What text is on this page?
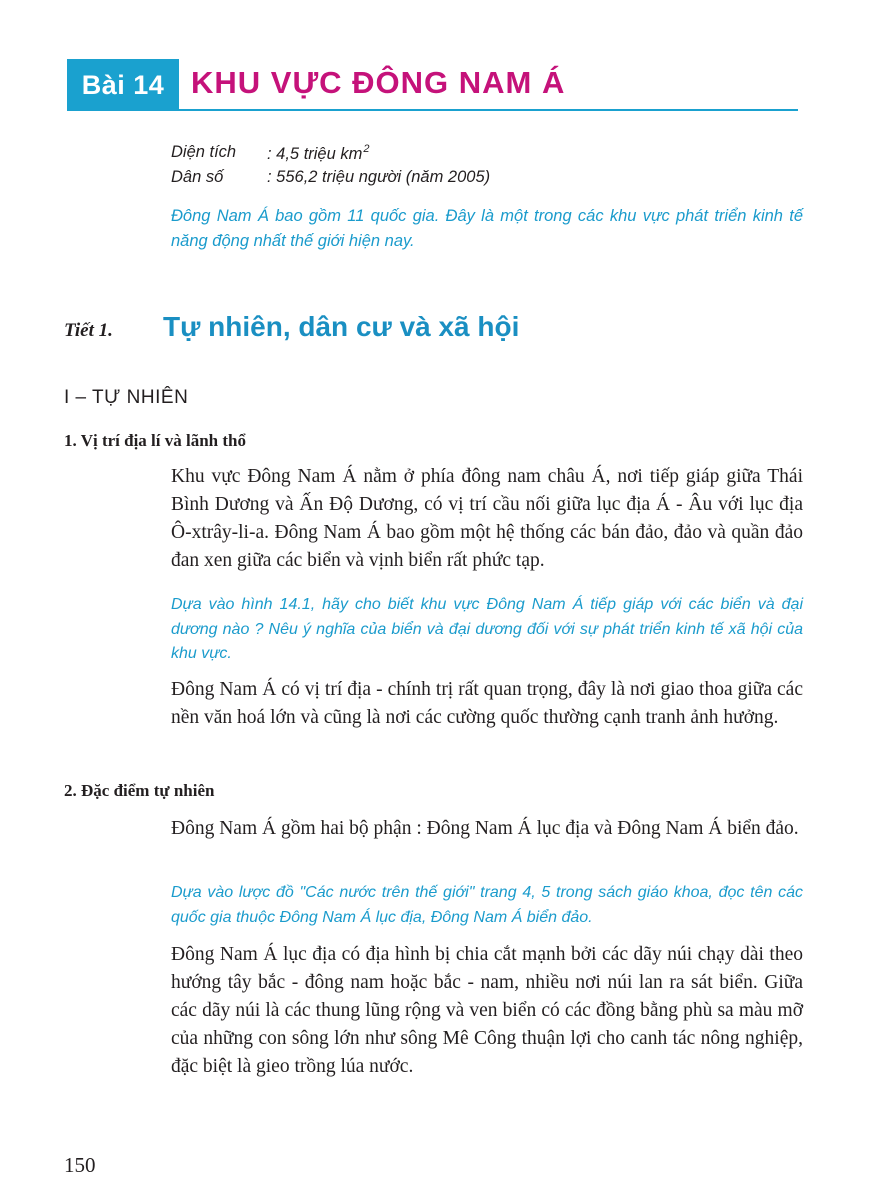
Bài 14 KHU VỰC ĐÔNG NAM Á
Diện tích : 4,5 triệu $km^2$
Dân số	: 556,2 triệu người (năm 2005)

Đông Nam Á bao gồm 11 quốc gia. Đây là một trong các khu vực phát triển kinh tế năng động nhất thế giới hiện nay.

Tiết 1. Tự nhiên, dân cư và xã hội
I – TỰ NHIÊN
1. Vị trí địa lí và lãnh thổ

Khu vực Đông Nam Á nằm ở phía đông nam châu Á, nơi tiếp giáp giữa Thái Bình Dương và Ấn Độ Dương, có vị trí cầu nối giữa lục địa Á - Âu với lục địa Ô-xtrây-li-a. Đông Nam Á bao gồm một hệ thống các bán đảo, đảo và quần đảo đan xen giữa các biển và vịnh biển rất phức tạp.

Dựa vào hình 14.1, hãy cho biết khu vực Đông Nam Á tiếp giáp với các biển và đại dương nào ? Nêu ý nghĩa của biển và đại dương đối với sự phát triển kinh tế xã hội của khu vực.

Đông Nam Á có vị trí địa - chính trị rất quan trọng, đây là nơi giao thoa giữa các nền văn hoá lớn và cũng là nơi các cường quốc thường cạnh tranh ảnh hưởng.

2. Đặc điểm tự nhiên

Đông Nam Á gồm hai bộ phận : Đông Nam Á lục địa và Đông Nam Á biển đảo.

Dựa vào lược đồ "Các nước trên thế giới" trang 4, 5 trong sách giáo khoa, đọc tên các quốc gia thuộc Đông Nam Á lục địa, Đông Nam Á biển đảo.

Đông Nam Á lục địa có địa hình bị chia cắt mạnh bởi các dãy núi chạy dài theo hướng tây bắc - đông nam hoặc bắc - nam, nhiều nơi núi lan ra sát biển. Giữa các dãy núi là các thung lũng rộng và ven biển có các đồng bằng phù sa màu mỡ của những con sông lớn như sông Mê Công thuận lợi cho canh tác nông nghiệp, đặc biệt là gieo trồng lúa nước.

150
